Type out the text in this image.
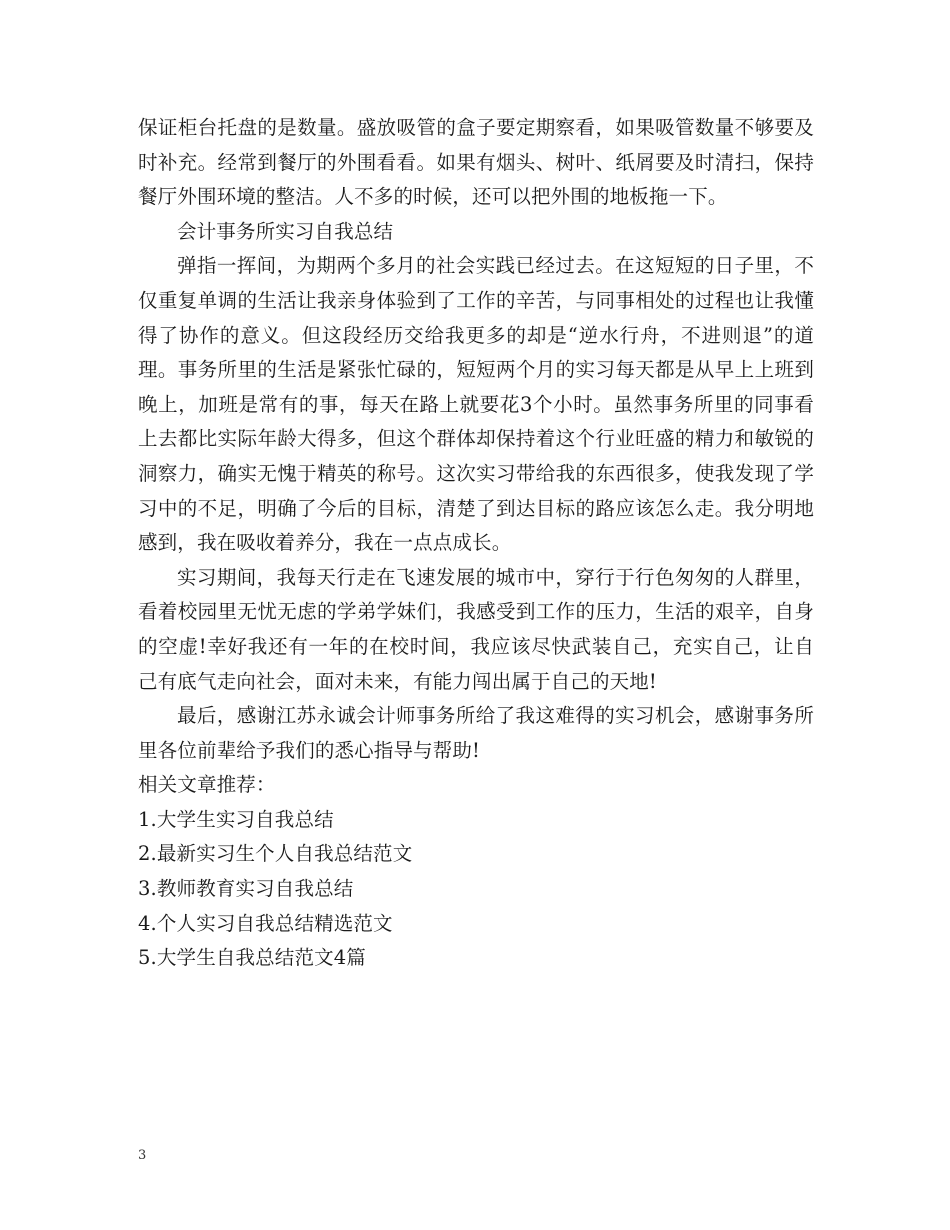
保证柜台托盘的是数量。盛放吸管的盒子要定期察看，如果吸管数量不够要及时补充。经常到餐厅的外围看看。如果有烟头、树叶、纸屑要及时清扫，保持餐厅外围环境的整洁。人不多的时候，还可以把外围的地板拖一下。

会计事务所实习自我总结

弹指一挥间，为期两个多月的社会实践已经过去。在这短短的日子里，不仅重复单调的生活让我亲身体验到了工作的辛苦，与同事相处的过程也让我懂得了协作的意义。但这段经历交给我更多的却是“逆水行舟，不进则退”的道理。事务所里的生活是紧张忙碌的，短短两个月的实习每天都是从早上上班到晚上，加班是常有的事，每天在路上就要花3个小时。虽然事务所里的同事看上去都比实际年龄大得多，但这个群体却保持着这个行业旺盛的精力和敏锐的洞察力，确实无愧于精英的称号。这次实习带给我的东西很多，使我发现了学习中的不足，明确了今后的目标，清楚了到达目标的路应该怎么走。我分明地感到，我在吸收着养分，我在一点点成长。

实习期间，我每天行走在飞速发展的城市中，穿行于行色匆匆的人群里，看着校园里无忧无虑的学弟学妹们，我感受到工作的压力，生活的艰辛，自身的空虚!幸好我还有一年的在校时间，我应该尽快武装自己，充实自己，让自己有底气走向社会，面对未来，有能力闯出属于自己的天地!

最后，感谢江苏永诚会计师事务所给了我这难得的实习机会，感谢事务所里各位前辈给予我们的悉心指导与帮助!

相关文章推荐：

1.大学生实习自我总结
2.最新实习生个人自我总结范文
3.教师教育实习自我总结
4.个人实习自我总结精选范文
5.大学生自我总结范文4篇
3
